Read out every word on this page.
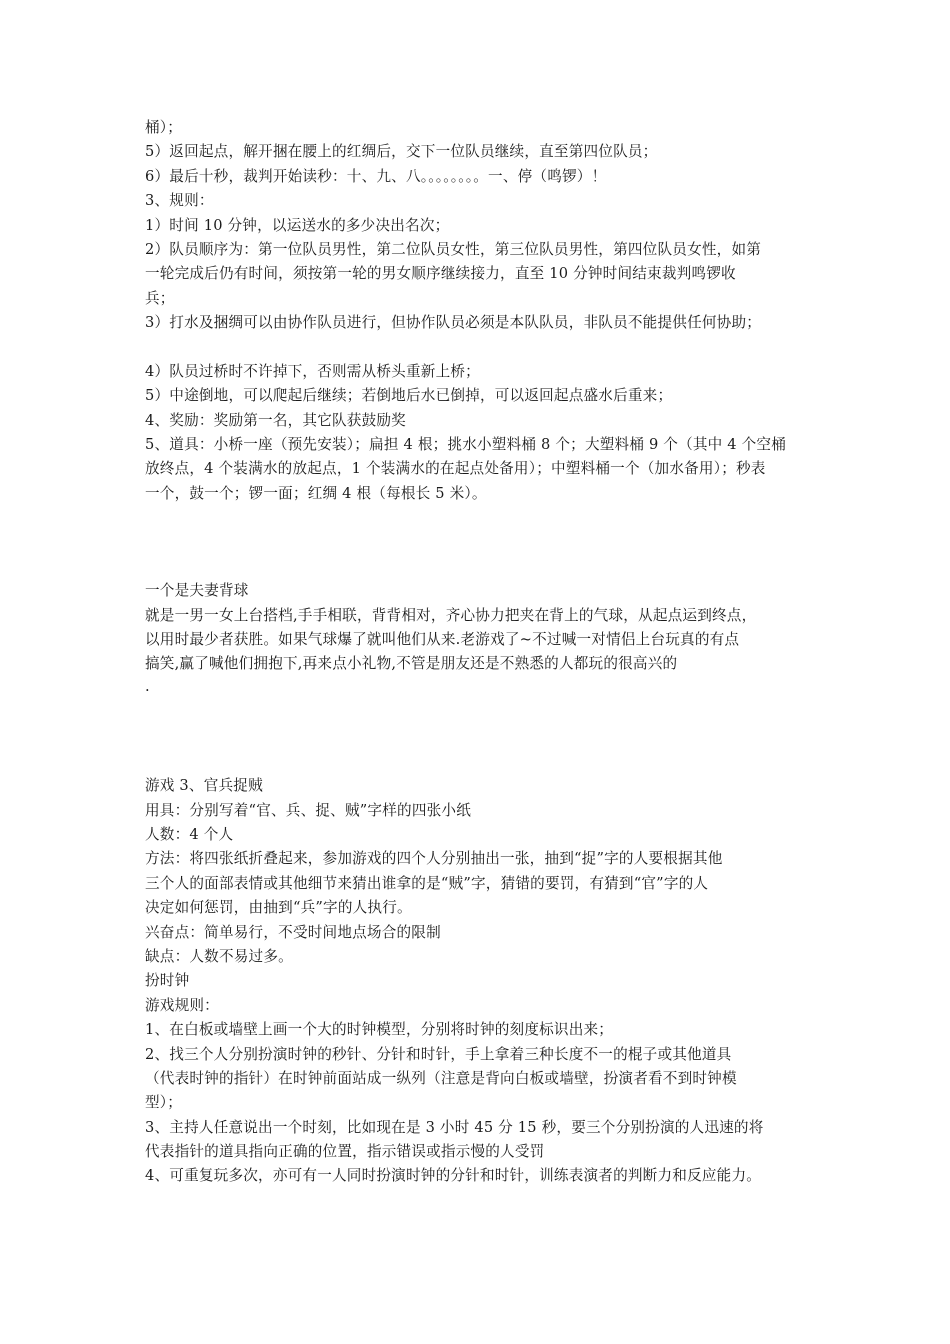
桶）；
5）返回起点，解开捆在腰上的红绸后，交下一位队员继续，直至第四位队员；
6）最后十秒，裁判开始读秒：十、九、八。。。。。。。。一、停（鸣锣）！
3、规则：
1）时间 10 分钟，以运送水的多少决出名次；
2）队员顺序为：第一位队员男性，第二位队员女性，第三位队员男性，第四位队员女性，如第
一轮完成后仍有时间，须按第一轮的男女顺序继续接力，直至 10 分钟时间结束裁判鸣锣收
兵；
3）打水及捆绸可以由协作队员进行，但协作队员必须是本队队员，非队员不能提供任何协助；
4）队员过桥时不许掉下，否则需从桥头重新上桥；
5）中途倒地，可以爬起后继续；若倒地后水已倒掉，可以返回起点盛水后重来；
4、奖励：奖励第一名，其它队获鼓励奖
5、道具：小桥一座（预先安装）；扁担 4 根；挑水小塑料桶 8 个；大塑料桶 9 个（其中 4 个空桶
放终点，4 个装满水的放起点，1 个装满水的在起点处备用）；中塑料桶一个（加水备用）；秒表
一个，鼓一个；锣一面；红绸 4 根（每根长 5 米）。
一个是夫妻背球
就是一男一女上台搭档,手手相联，背背相对，齐心协力把夹在背上的气球，从起点运到终点，
以用时最少者获胜。如果气球爆了就叫他们从来.老游戏了~不过喊一对情侣上台玩真的有点
搞笑,赢了喊他们拥抱下,再来点小礼物,不管是朋友还是不熟悉的人都玩的很高兴的
.
游戏 3、官兵捉贼
用具：分别写着“官、兵、捉、贼”字样的四张小纸
人数：4 个人
方法：将四张纸折叠起来，参加游戏的四个人分别抽出一张，抽到“捉”字的人要根据其他
三个人的面部表情或其他细节来猜出谁拿的是“贼”字，猜错的要罚，有猜到“官”字的人
决定如何惩罚，由抽到“兵”字的人执行。
兴奋点：简单易行，不受时间地点场合的限制
缺点：人数不易过多。
扮时钟
游戏规则：
1、在白板或墙壁上画一个大的时钟模型，分别将时钟的刻度标识出来；
2、找三个人分别扮演时钟的秒针、分针和时针，手上拿着三种长度不一的棍子或其他道具
（代表时钟的指针）在时钟前面站成一纵列（注意是背向白板或墙壁，扮演者看不到时钟模
型）；
3、主持人任意说出一个时刻，比如现在是 3 小时 45 分 15 秒，要三个分别扮演的人迅速的将
代表指针的道具指向正确的位置，指示错误或指示慢的人受罚
4、可重复玩多次，亦可有一人同时扮演时钟的分针和时针，训练表演者的判断力和反应能力。
